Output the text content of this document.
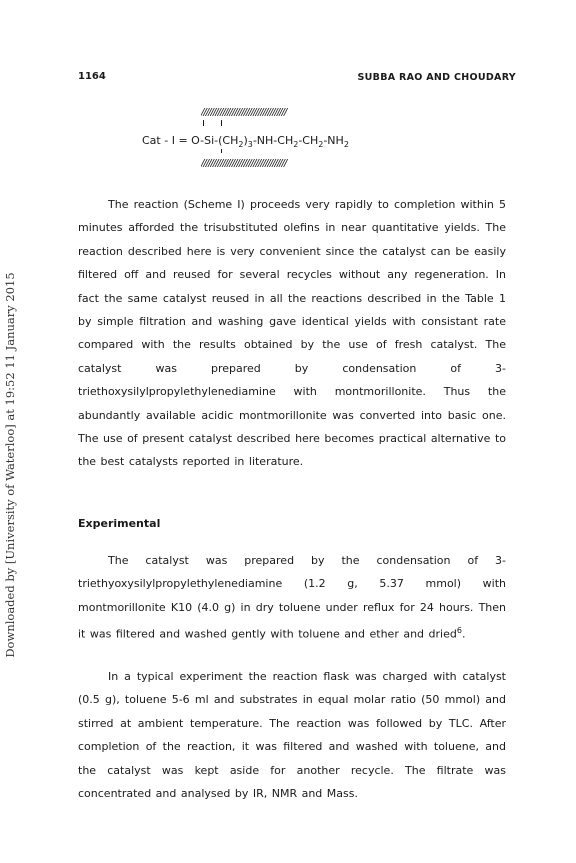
1164	SUBBA RAO AND CHOUDARY
Downloaded by [University of Waterloo] at 19:52 11 January 2015
////////////////////////////////////
Cat - $I = O-Si-(CH_2)_3-NH-CH_2-CH_2-NH_2$
////////////////////////////////////

The reaction (Scheme I) proceeds very rapidly to completion within 5 minutes afforded the trisubstituted olefins in near quantitative yields. The reaction described here is very convenient since the catalyst can be easily filtered off and reused for several recycles without any regeneration. In fact the same catalyst reused in all the reactions described in the Table 1 by simple filtration and washing gave identical yields with consistant rate compared with the results obtained by the use of fresh catalyst. The catalyst was prepared by condensation of 3-triethoxysilylpropylethylenediamine with montmorillonite. Thus the abundantly available acidic montmorillonite was converted into basic one. The use of present catalyst described here becomes practical alternative to the best catalysts reported in literature.

Experimental

The catalyst was prepared by the condensation of 3-triethyoxysilylpropylethylenediamine (1.2 g, 5.37 mmol) with montmorillonite K10 (4.0 g) in dry toluene under reflux for 24 hours. Then it was filtered and washed gently with toluene and ether and dried$^6$.

In a typical experiment the reaction flask was charged with catalyst (0.5 g), toluene 5-6 ml and substrates in equal molar ratio (50 mmol) and stirred at ambient temperature. The reaction was followed by TLC. After completion of the reaction, it was filtered and washed with toluene, and the catalyst was kept aside for another recycle. The filtrate was concentrated and analysed by IR, NMR and Mass.
